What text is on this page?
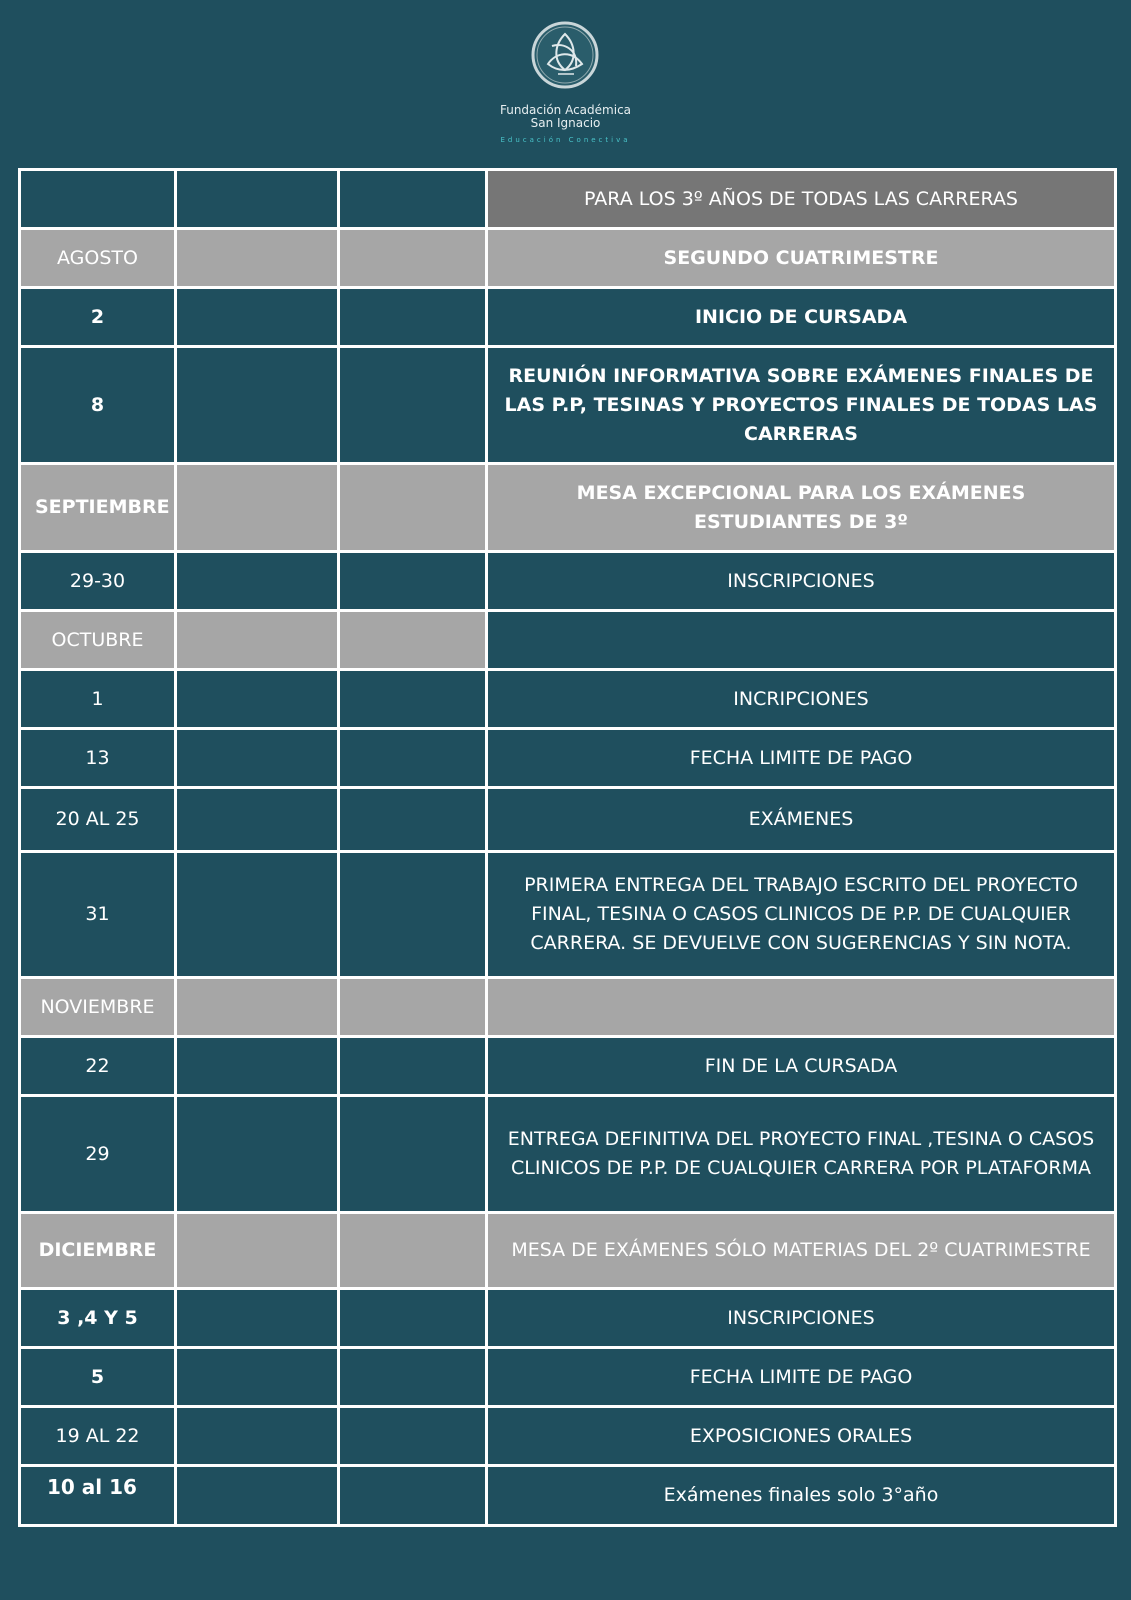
Fundación Académica
San Ignacio
Educación Conectiva
			PARA LOS 3º AÑOS DE TODAS LAS CARRERAS
AGOSTO			SEGUNDO CUATRIMESTRE
2			INICIO DE CURSADA
8			REUNIÓN INFORMATIVA SOBRE EXÁMENES FINALES DE LAS P.P, TESINAS Y PROYECTOS FINALES DE TODAS LAS CARRERAS
SEPTIEMBRE			MESA EXCEPCIONAL PARA LOS EXÁMENES ESTUDIANTES DE 3º
29-30			INSCRIPCIONES
OCTUBRE			
1			INCRIPCIONES
13			FECHA LIMITE DE PAGO
20 AL 25			EXÁMENES
31			PRIMERA ENTREGA DEL TRABAJO ESCRITO DEL PROYECTO FINAL, TESINA O CASOS CLINICOS DE P.P. DE CUALQUIER CARRERA. SE DEVUELVE CON SUGERENCIAS Y SIN NOTA.
NOVIEMBRE			
22			FIN DE LA CURSADA
29			ENTREGA DEFINITIVA DEL PROYECTO FINAL ,TESINA O CASOS CLINICOS DE P.P. DE CUALQUIER CARRERA POR PLATAFORMA
DICIEMBRE			MESA DE EXÁMENES SÓLO MATERIAS DEL 2º CUATRIMESTRE
3 ,4 Y 5			INSCRIPCIONES
5			FECHA LIMITE DE PAGO
19 AL 22			EXPOSICIONES ORALES
10 al 16			Exámenes finales solo 3°año
